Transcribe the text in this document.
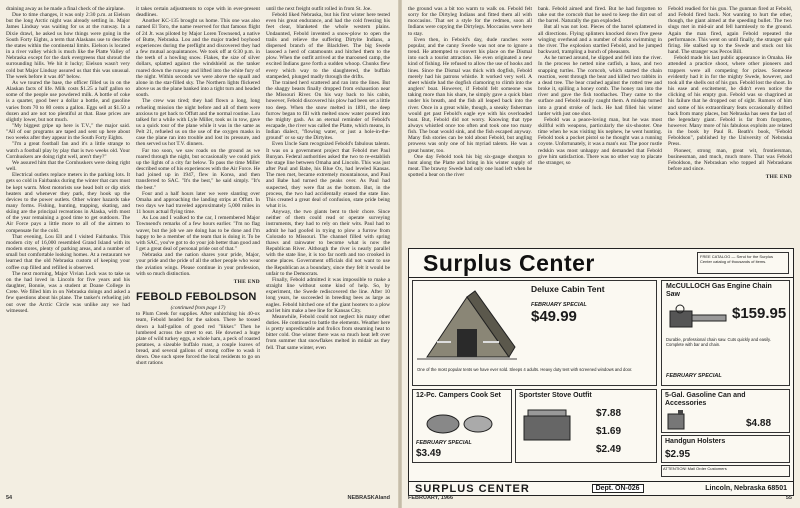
draining away as he made a final check of the airplane.

Due to time changes, it was only 2:30 p.m. at Eielson but the long Arctic night was already settling in. Major James Lindsay was waiting for us at the runway. In a Dixie drawl, he asked us how things were going in the South Forty Eights, a term that Alaskans use to describe the states within the continental limits. Eielson is located in a river valley which is much like the Platte Valley of Nebraska except for the dark evergreens that shroud the surrounding hills. We hit it lucky; Eielson wasn't very cold but Major Lindsay assured us that this was unusual. The week before it was 46° below.

As we toured the base, the officer filled us in on the Alaskan facts of life. Milk costs $1.25 a half gallon so some of the people use powdered milk. A bottle of coke is a quarter, good beer a dollar a bottle, and gasoline varies from 70 to 80 cents a gallon. Eggs sell at $1.50 a dozen and are not too plentiful at that. Base prices are slightly lower, but not much.

"My biggest gripe up here is T.V.," the major said. "All of our programs are taped and sent up here about two weeks after they appear in the South Forty Eights.

"I'm a great football fan and it's a little strange to watch a football play by play that is two weeks old. Your Cornhuskers are doing right well, aren't they?"

We assured him that the Cornhuskers were doing right well.

Electrical outlets replace meters in the parking lots. It gets so cold in Fairbanks during the winter that cars must be kept warm. Most motorists use head bolt or dip stick heaters and whenever they park, they hook up the devices to the power outlets. Other winter hazards take many forms. Fishing, hunting, trapping, skating, and skiing are the principal recreations in Alaska, with most of the year remaining a good time to get outdoors. The Air Force pays a little more to all of the airmen to compensate for the cold.

That evening, Lou Ell and I visited Fairbanks. This modern city of 16,000 resembled Grand Island with its modern stores, plenty of parking areas, and a number of small but comfortable looking homes. At a restaurant we learned that the old Nebraska custom of keeping your coffee cup filled and refilled is observed.

The next morning, Major Vivian Lock was to take us on the had loved in Lincoln for five years and his daughter, Bonnie, was a student at Doane College in Crete. We filled him in on Nebraska doings and asked a few questions about his plane. The tanker's refueling job out over the Arctic Circle was unlike any we had witnessed.

it takes certain adjustments to cope with in ever-present deadlines.

Another KC-135 brought us home. This one was also named El Toro, the name reserved for that famous flight of 24 Jt. was piloted by Major Loren Townsend, a native of Butte, Nebraska. Lou and the major traded boyhood experiences during the preflight and discovered they had a few mutual acquaintances. We took off at 6:30 p.m. in the teeth of a howling snow. Flakes, the size of silver dollars, splatted against the windshield as the tanker roared down the runway and lifted into the white fury of the night. Within seconds we were above the squall and alone in the star-filled sky. The Northern lights flickered above us as the plane banked into a tight turn and headed south.

The crew was tired; they had flown a long, long refueling mission the night before and all of them were anxious to get back to Offutt and the normal routine. Lou talked for a while with Lyle Miller, took us in tow, gave us a quick tour of the plane while it was in the same as Pelt 21, refueled us on the use of the oxygen masks in case the plane ran into trouble and lost its pressure, and then served us hot T.V. dinners.

Far too soon, we saw roads on the ground as we roared through the night, but occasionally we could pick up the lights of a city far below. To pass the time Miller described some of his experiences with the Air Force. He had joined up in 1947, flew in Korea, and then transferred to SAC. "It's the best," he said simply. "It's the best."

Four and a half hours later we were slanting over Omaha and approaching the landing strips at Offutt. In two days we had traveled approximately 5,000 miles in 11 hours actual flying time.

As Lou and I walked to the car, I remembered Major Townsend's remarks of a few hours earlier. "I'm no flag waver, but the job we are doing has to be done and I'm happy to be a member of the team that is doing it. To be with SAC, you've got to do your job better than good and I get a great deal of personal pride out of that."

Nebraska and the nation shares your pride, Major, your pride and the pride of all the other people who wear the aviation wings. Please continue in your profession, with so much distinction.

THE END
FEBOLD FEBOLDSON

(continued from page 17)

to Plum Creek for supplies. After unhitching his 40-ox team, Febold headed for the saloon. There he tossed down a half-gallon of good red "likker." Then he lumbered across the street to eat. He downed a huge plate of wild turkey eggs, a whole ham, a peck of roasted potatoes, a sizeable buffalo roast, a couple loaves of bread, and several gallons of strong coffee to wash it down. One such spree forced the local residents to go on short rations

until the next freight outfit rolled in from St. Joe.

Febold liked Nebraska, but his first winter here tested even his great endurance, and had the cold freezing his feet clear, blanketed the whole western plains. Undaunted, Febold invented a snow-plow to open the trails and relieve the suffering Dirtyite Indians, a dispersed branch of the Blackfeet. The big Swede lassoed a herd of catamounts and hitched them to the plow. When the outfit arrived at the marooned camp, the excited Indians gave forth a sudden whoop. Chunks flew every which way to the slaughtered, the buffalo stampeded, plunged madly through the drifts.

The trained herd scattered and ran into the lines. But the shaggy beasts finally dropped from exhaustion near the Missouri River. On his way back to his cabin, however, Febold discovered his plow had been set a little too deep. When the snow melted in 1891, the deep furrow began to fill with melted snow water poured into the mighty gash. As an eternal reminder of Febold's escapade, the river was called the Platte, which means, in Indian dialect, "flowing water, or just a hole-in-the-ground" or so say the Dirtyites.

Even Uncle Sam recognized Febold's fabulous talents. It was on a government project that Febold met Paul Bunyan. Federal authorities asked the two to re-establish the stage line between Omaha and Lincoln. This was just after Paul and Babe, his Blue Ox, had leveled Kansas. The men met, became extremely mountainous, and Paul and Babe had turned the peaks over. As Paul had suspected, they were flat as the bottom. But, in the process, the two had accidentally erased the state line. This created a great deal of confusion, state pride being what it is.

Anyway, the two giants bent to their chore. Since neither of them could read or operate surveying instruments, they had to rely on their wits. Paul had to admit he had goofed in trying to plow a furrow from Colorado to Missouri. The channel filled with spring thaws and rainwater to become what is now the Republican River. Although the river is nearly parallel with the state line, it is too far north and too crooked in some places. Government officials did not want to use the Republican as a boundary, since they felt it would be unfair to the Democrats.

Finally, Febold admitted it was impossible to make a straight line without some kind of help. So, by experiment, the Swede rediscovered the line. After 10 long years, he succeeded in breeding bees as large as eagles. Febold hitched one of the giant hooters to a plow and let him make a bee line for Kansas City.

Meanwhile, Febold could not neglect his many other duties. He continued to battle the elements. Weather here is pretty unpredictable and frolics from steaming heat to bitter cold. One winter there was so much heat left over from summer that snowflakes melted in midair as they fell. That same winter, even

54	NEBRASKAland

the ground was a bit too warm to walk on. Febold felt sorry for the Dirtyleg Indians and fitted them all with moccasins. That set a style for the redmen, soon all Indians were copying the Dirtylegs. Moccasins were here to stay.

Even then, in Febold's day, dude ranches were popular, and the canny Swede was not one to ignore a trend. He attempted to convert his place on the Dismal into such a tourist attraction. He even originated a new kind of fishing. He refused to allow the use of hooks and lines. Since the Dismal was thick with dogfish, Febold merely had his patrons whistle. It worked very well. A sheet whistle had the dogfish clamoring to climb into the anglers' boat. However, if Febold felt someone was taking more than his share, he simply gave a quick blast under his breath, and the fish all leaped back into the river. Once in a great while, though, a sneaky fisherman would get past Febold's eagle eye with his overloaded boat. But, Febold did not worry. Knowing that type always whistled once too often and took one too many fish. The boat would sink, and the fish escaped anyway. Many fish stories can be told about Febold, but angling prowess was only one of his myriad talents. He was a great hunter, too.

One day Febold took his big six-gauge shotgun to hunt along the Platte and bring in his winter supply of meat. The brawny Swede had only one load left when he spotted a bear on the river

bank. Febold aimed and fired. But he had forgotten to take out the corncob that he used to keep the dirt out of the barrel. Naturally the gun exploded.

But all was not lost. Pieces of the barrel splattered in all directions. Flying splinters knocked down five geese winging overhead and a number of ducks swimming in the river. The explosion startled Febold, and he jumped backward, trampling a bunch of pheasants.

As he turned around, he slipped and fell into the river. In the process he netted nine catfish, a bass, and two snapping turtles. The corncob, which started the chain reaction, went through the bear and killed two rabbits in a dead tree. The bear crashed against the rotted tree and broke it, spilling a honey comb. The honey ran into the river and gave the fish toothaches. They came to the surface and Febold easily caught them. A mishap turned into a grand stroke of luck. He had filled his winter larder with just one shot.

Febold was a peace-loving man, but he was most skillful with weapons, particularly the six-shooter. One time when he was visiting his nephew, he went hunting. Febold took a pocket pistol so he thought was a running coyote. Unfortunately, it was a man's ear. The poor rustle redskin was most unhappy and demanded that Febold give him satisfaction. There was no other way to placate the stranger, so

Febold readied for his gun. The gunman fired at Febold, and Febold fired back. Not wanting to hurt the other, though, the giant aimed at the speeding bullet. The two slugs met in mid-air and fell harmlessly to the ground. Again the man fired, again Febold repeated the performance. This went on until finally, the stranger quit firing. He stalked up to the Swede and stuck out his hand. The stranger was Pecos Bill.

Febold made his last public appearance in Omaha. He attended a practice shoot, where other pioneers and trappers were all competing for prizes. Someone evidently had it in for the mighty Swede, however, and took all the shells out of his gun. Febold lost the shoot. In his ease and excitement, he didn't even notice the clicking of his empty gun. Febold was so chagrined at his failure that he dropped out of sight. Rumors of him and some of his extraordinary feats occasionally drifted back from many places, but Nebraska has seen the last of the legendary giant. Febold is far from forgotten, however. Many more of his fabulous exploits are related in the book by Paul R. Beath's book, "Febold Feboldson", published by the University of Nebraska Press.

Pioneer, strong man, great wit, frontiersman, businessman, and much, much more. That was Febold Feboldson, the Nebraskan who topped all Nebraskans before and since.

THE END
Surplus Center	FREE CATALOG — Send for the Surplus Center catalog of thousands of items.
Deluxe Cabin Tent
FEBRUARY SPECIAL
$49.99
One of the most popular tents we have ever sold. Sleeps 4 adults. Heavy duty tent with screened windows and door.
McCULLOCH Gas Engine Chain Saw
$159.95
Durable, professional chain saw. Cuts quickly and easily. Complete with bar and chain.
FEBRUARY SPECIAL
12-Pc. Campers Cook Set
FEBRUARY SPECIAL
$3.49
Sportster Stove Outfit
$7.88
$1.69
$2.49
5-Gal. Gasoline Can and Accessories
$4.88
Handgun Holsters
$2.95
ATTENTION! Mail Order Customers
SURPLUS CENTER	Dept. ON-026	Lincoln, Nebraska 68501
FEBRUARY, 1966	55
